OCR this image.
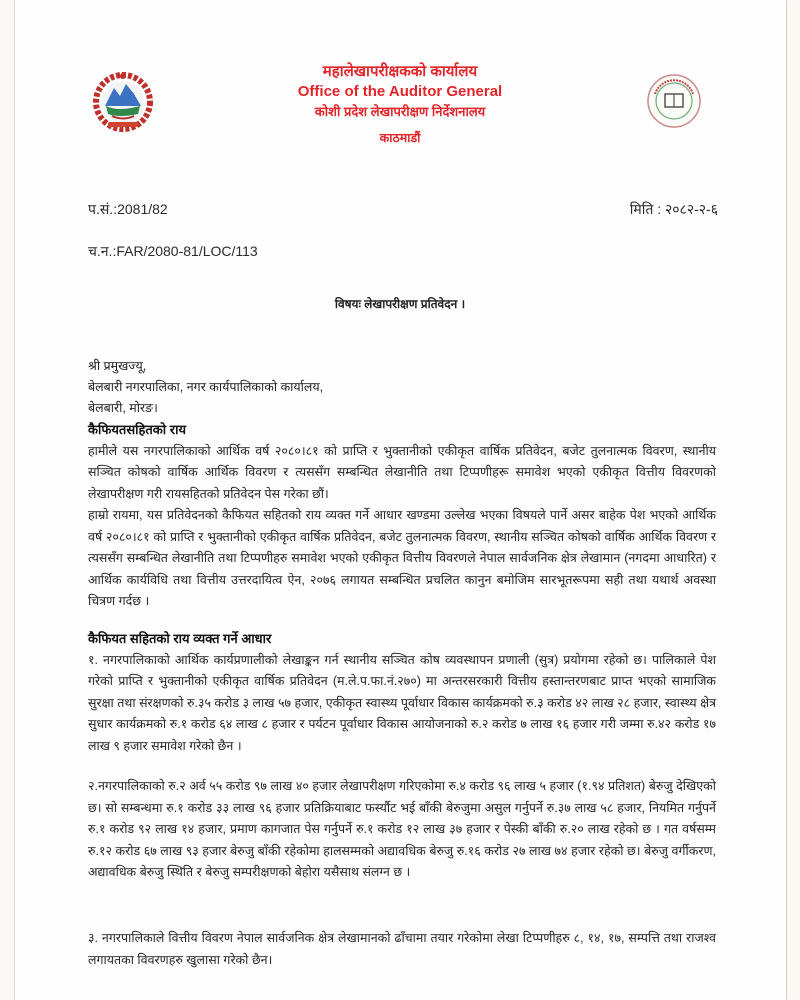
महालेखापरीक्षकको कार्यालय
Office of the Auditor General
कोशी प्रदेश लेखापरीक्षण निर्देशनालय
काठमाडौं
प.सं.:2081/82	मिति : २०८२-२-६
च.न.:FAR/2080-81/LOC/113
विषयः लेखापरीक्षण प्रतिवेदन ।
श्री प्रमुखज्यू,
बेलबारी नगरपालिका, नगर कार्यपालिकाको कार्यालय,
बेलबारी, मोरङ।
कैफियतसहितको राय

हामीले यस नगरपालिकाको आर्थिक वर्ष २०८०।८१ को प्राप्ति र भुक्तानीको एकीकृत वार्षिक प्रतिवेदन, बजेट तुलनात्मक विवरण, स्थानीय सञ्चित कोषको वार्षिक आर्थिक विवरण र त्यससँग सम्बन्धित लेखानीति तथा टिप्पणीहरू समावेश भएको एकीकृत वित्तीय विवरणको लेखापरीक्षण गरी रायसहितको प्रतिवेदन पेस गरेका छौं।

हाम्रो रायमा, यस प्रतिवेदनको कैफियत सहितको राय व्यक्त गर्ने आधार खण्डमा उल्लेख भएका विषयले पार्ने असर बाहेक पेश भएको आर्थिक वर्ष २०८०।८१ को प्राप्ति र भुक्तानीको एकीकृत वार्षिक प्रतिवेदन, बजेट तुलनात्मक विवरण, स्थानीय सञ्चित कोषको वार्षिक आर्थिक विवरण र त्यससँग सम्बन्धित लेखानीति तथा टिप्पणीहरु समावेश भएको एकीकृत वित्तीय विवरणले नेपाल सार्वजनिक क्षेत्र लेखामान (नगदमा आधारित) र आर्थिक कार्यविधि तथा वित्तीय उत्तरदायित्व ऐन, २०७६ लगायत सम्बन्धित प्रचलित कानुन बमोजिम सारभूतरूपमा सही तथा यथार्थ अवस्था चित्रण गर्दछ ।

कैफियत सहितको राय व्यक्त गर्ने आधार

१. नगरपालिकाको आर्थिक कार्यप्रणालीको लेखाङ्कन गर्न स्थानीय सञ्चित कोष व्यवस्थापन प्रणाली (सुत्र) प्रयोगमा रहेको छ। पालिकाले पेश गरेको प्राप्ति र भुक्तानीको एकीकृत वार्षिक प्रतिवेदन (म.ले.प.फा.नं.२७०) मा अन्तरसरकारी वित्तीय हस्तान्तरणबाट प्राप्त भएको सामाजिक सुरक्षा तथा संरक्षणको रु.३५ करोड ३ लाख ५७ हजार, एकीकृत स्वास्थ्य पूर्वाधार विकास कार्यक्रमको रु.३ करोड ४२ लाख २८ हजार, स्वास्थ्य क्षेत्र सुधार कार्यक्रमको रु.१ करोड ६४ लाख ८ हजार र पर्यटन पूर्वाधार विकास आयोजनाको रु.२ करोड ७ लाख १६ हजार गरी जम्मा रु.४२ करोड १७ लाख ९ हजार समावेश गरेको छैन ।

२.नगरपालिकाको रु.२ अर्व ५५ करोड ९७ लाख ४० हजार लेखापरीक्षण गरिएकोमा रु.४ करोड ९६ लाख ५ हजार (१.९४ प्रतिशत) बेरुजु देखिएको छ। सो सम्बन्धमा रु.१ करोड ३३ लाख ९६ हजार प्रतिक्रियाबाट फर्स्यौट भई बाँकी बेरुजुमा असुल गर्नुपर्ने रु.३७ लाख ५८ हजार, नियमित गर्नुपर्ने रु.१ करोड ९२ लाख १४ हजार, प्रमाण कागजात पेस गर्नुपर्ने रु.१ करोड १२ लाख ३७ हजार र पेस्की बाँकी रु.२० लाख रहेको छ । गत वर्षसम्म रु.१२ करोड ६७ लाख ९३ हजार बेरुजु बाँकी रहेकोमा हालसम्मको अद्यावधिक बेरुजु रु.१६ करोड २७ लाख ७४ हजार रहेको छ। बेरुजु वर्गीकरण, अद्यावधिक बेरुजु स्थिति र बेरुजु सम्परीक्षणको बेहोरा यसैसाथ संलग्न छ ।

३. नगरपालिकाले वित्तीय विवरण नेपाल सार्वजनिक क्षेत्र लेखामानको ढाँचामा तयार गरेकोमा लेखा टिप्पणीहरु ८, १४, १७, सम्पत्ति तथा राजश्व लगायतका विवरणहरु खुलासा गरेको छैन।
